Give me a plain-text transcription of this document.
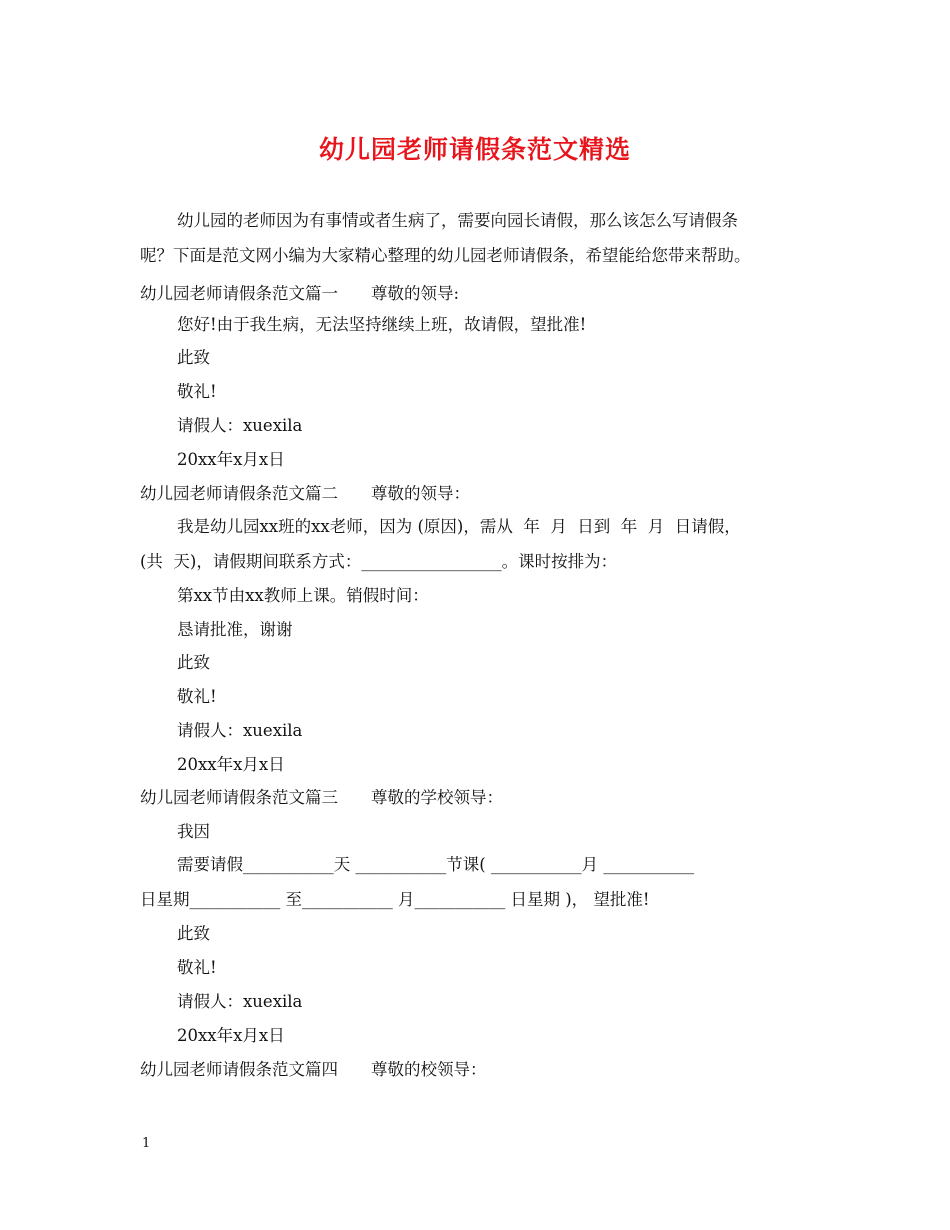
幼儿园老师请假条范文精选
幼儿园的老师因为有事情或者生病了，需要向园长请假，那么该怎么写请假条
呢？下面是范文网小编为大家精心整理的幼儿园老师请假条，希望能给您带来帮助。
幼儿园老师请假条范文篇一　　尊敬的领导:
您好!由于我生病，无法坚持继续上班，故请假，望批准!
此致
敬礼!
请假人：xuexila
20xx年x月x日
幼儿园老师请假条范文篇二　　尊敬的领导：
我是幼儿园xx班的xx老师，因为 (原因)，需从  年  月  日到  年  月  日请假，
(共  天)，请假期间联系方式：_________________。课时按排为：
第xx节由xx教师上课。销假时间：
恳请批准，谢谢
此致
敬礼!
请假人：xuexila
20xx年x月x日
幼儿园老师请假条范文篇三　　尊敬的学校领导：
我因
需要请假___________天 ___________节课( ___________月 ___________
日星期___________ 至___________ 月___________ 日星期 )， 望批准!
此致
敬礼!
请假人：xuexila
20xx年x月x日
幼儿园老师请假条范文篇四　　尊敬的校领导：
1
